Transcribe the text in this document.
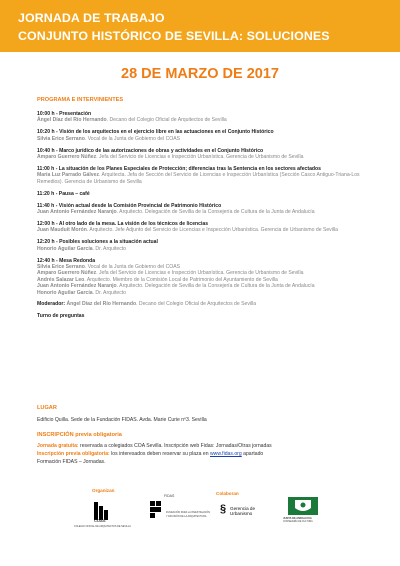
JORNADA DE TRABAJO
CONJUNTO HISTÓRICO DE SEVILLA: SOLUCIONES
28 DE MARZO DE 2017
PROGRAMA E INTERVINIENTES
10:00 h - Presentación
Ángel Díaz del Río Hernando. Decano del Colegio Oficial de Arquitectos de Sevilla
10:20 h - Visión de los arquitectos en el ejercicio libre en las actuaciones en el Conjunto Histórico
Silvia Erice Serrano. Vocal de la Junta de Gobierno del COAS
10:40 h - Marco jurídico de las autorizaciones de obras y actividades en el Conjunto Histórico
Amparo Guerrero Núñez. Jefa del Servicio de Licencias e Inspección Urbanística. Gerencia de Urbanismo de Sevilla
11:00 h - La situación de los Planes Especiales de Protección; diferencias tras la Sentencia en los sectores afectados
María Luz Parrado Gálvez. Arquitecta. Jefa de Sección del Servicio de Licencias e Inspección Urbanística (Sección Casco Antiguo-Triana-Los Remedios). Gerencia de Urbanismo de Sevilla
11:20 h - Pausa – café
11:40 h - Visión actual desde la Comisión Provincial de Patrimonio Histórico
Juan Antonio Fernández Naranjo. Arquitecto. Delegación de Sevilla de la Consejería de Cultura de la Junta de Andalucía
12:00 h - Al otro lado de la mesa. La visión de los técnicos de licencias
Juan Mauduit Morón. Arquitecto. Jefe Adjunto del Servicio de Licencias e Inspección Urbanística. Gerencia de Urbanismo de Sevilla
12:20 h - Posibles soluciones a la situación actual
Honorio Aguilar García. Dr. Arquitecto
12:40 h - Mesa Redonda
Silvia Erice Serrano. Vocal de la Junta de Gobierno del COAS
Amparo Guerrero Núñez. Jefa del Servicio de Licencias e Inspección Urbanística. Gerencia de Urbanismo de Sevilla
Andrés Salazar Leo. Arquitecto. Miembro de la Comisión Local de Patrimonio del Ayuntamiento de Sevilla
Juan Antonio Fernández Naranjo. Arquitecto. Delegación de Sevilla de la Consejería de Cultura de la Junta de Andalucía
Honorio Aguilar García. Dr. Arquitecto
Moderador: Ángel Díaz del Río Hernando. Decano del Colegio Oficial de Arquitectos de Sevilla
Turno de preguntas
LUGAR
Edificio Quilla. Sede de la Fundación FIDAS. Avda. Marie Curie nº3. Sevilla
INSCRIPCIÓN previa obligatoria
Jornada gratuita: reservada a colegiados COA Sevilla. Inscripción web Fidas: Jornadas/Otras jornadas
Inscripción previa obligatoria: los interesados deben reservar su plaza en www.fidas.org apartado
Formación FIDAS – Jornadas.
Organizan
Colaboran
COAS
COLEGIO OFICIAL DE ARQUITECTOS DE SEVILLA
FIDAS
FUNDACIÓN PARA LA INVESTIGACIÓN Y DIFUSIÓN DE LA ARQUITECTURA
§ Gerencia de
Urbanismo
JUNTA DE ANDALUCIA
CONSEJERÍA DE CULTURA
